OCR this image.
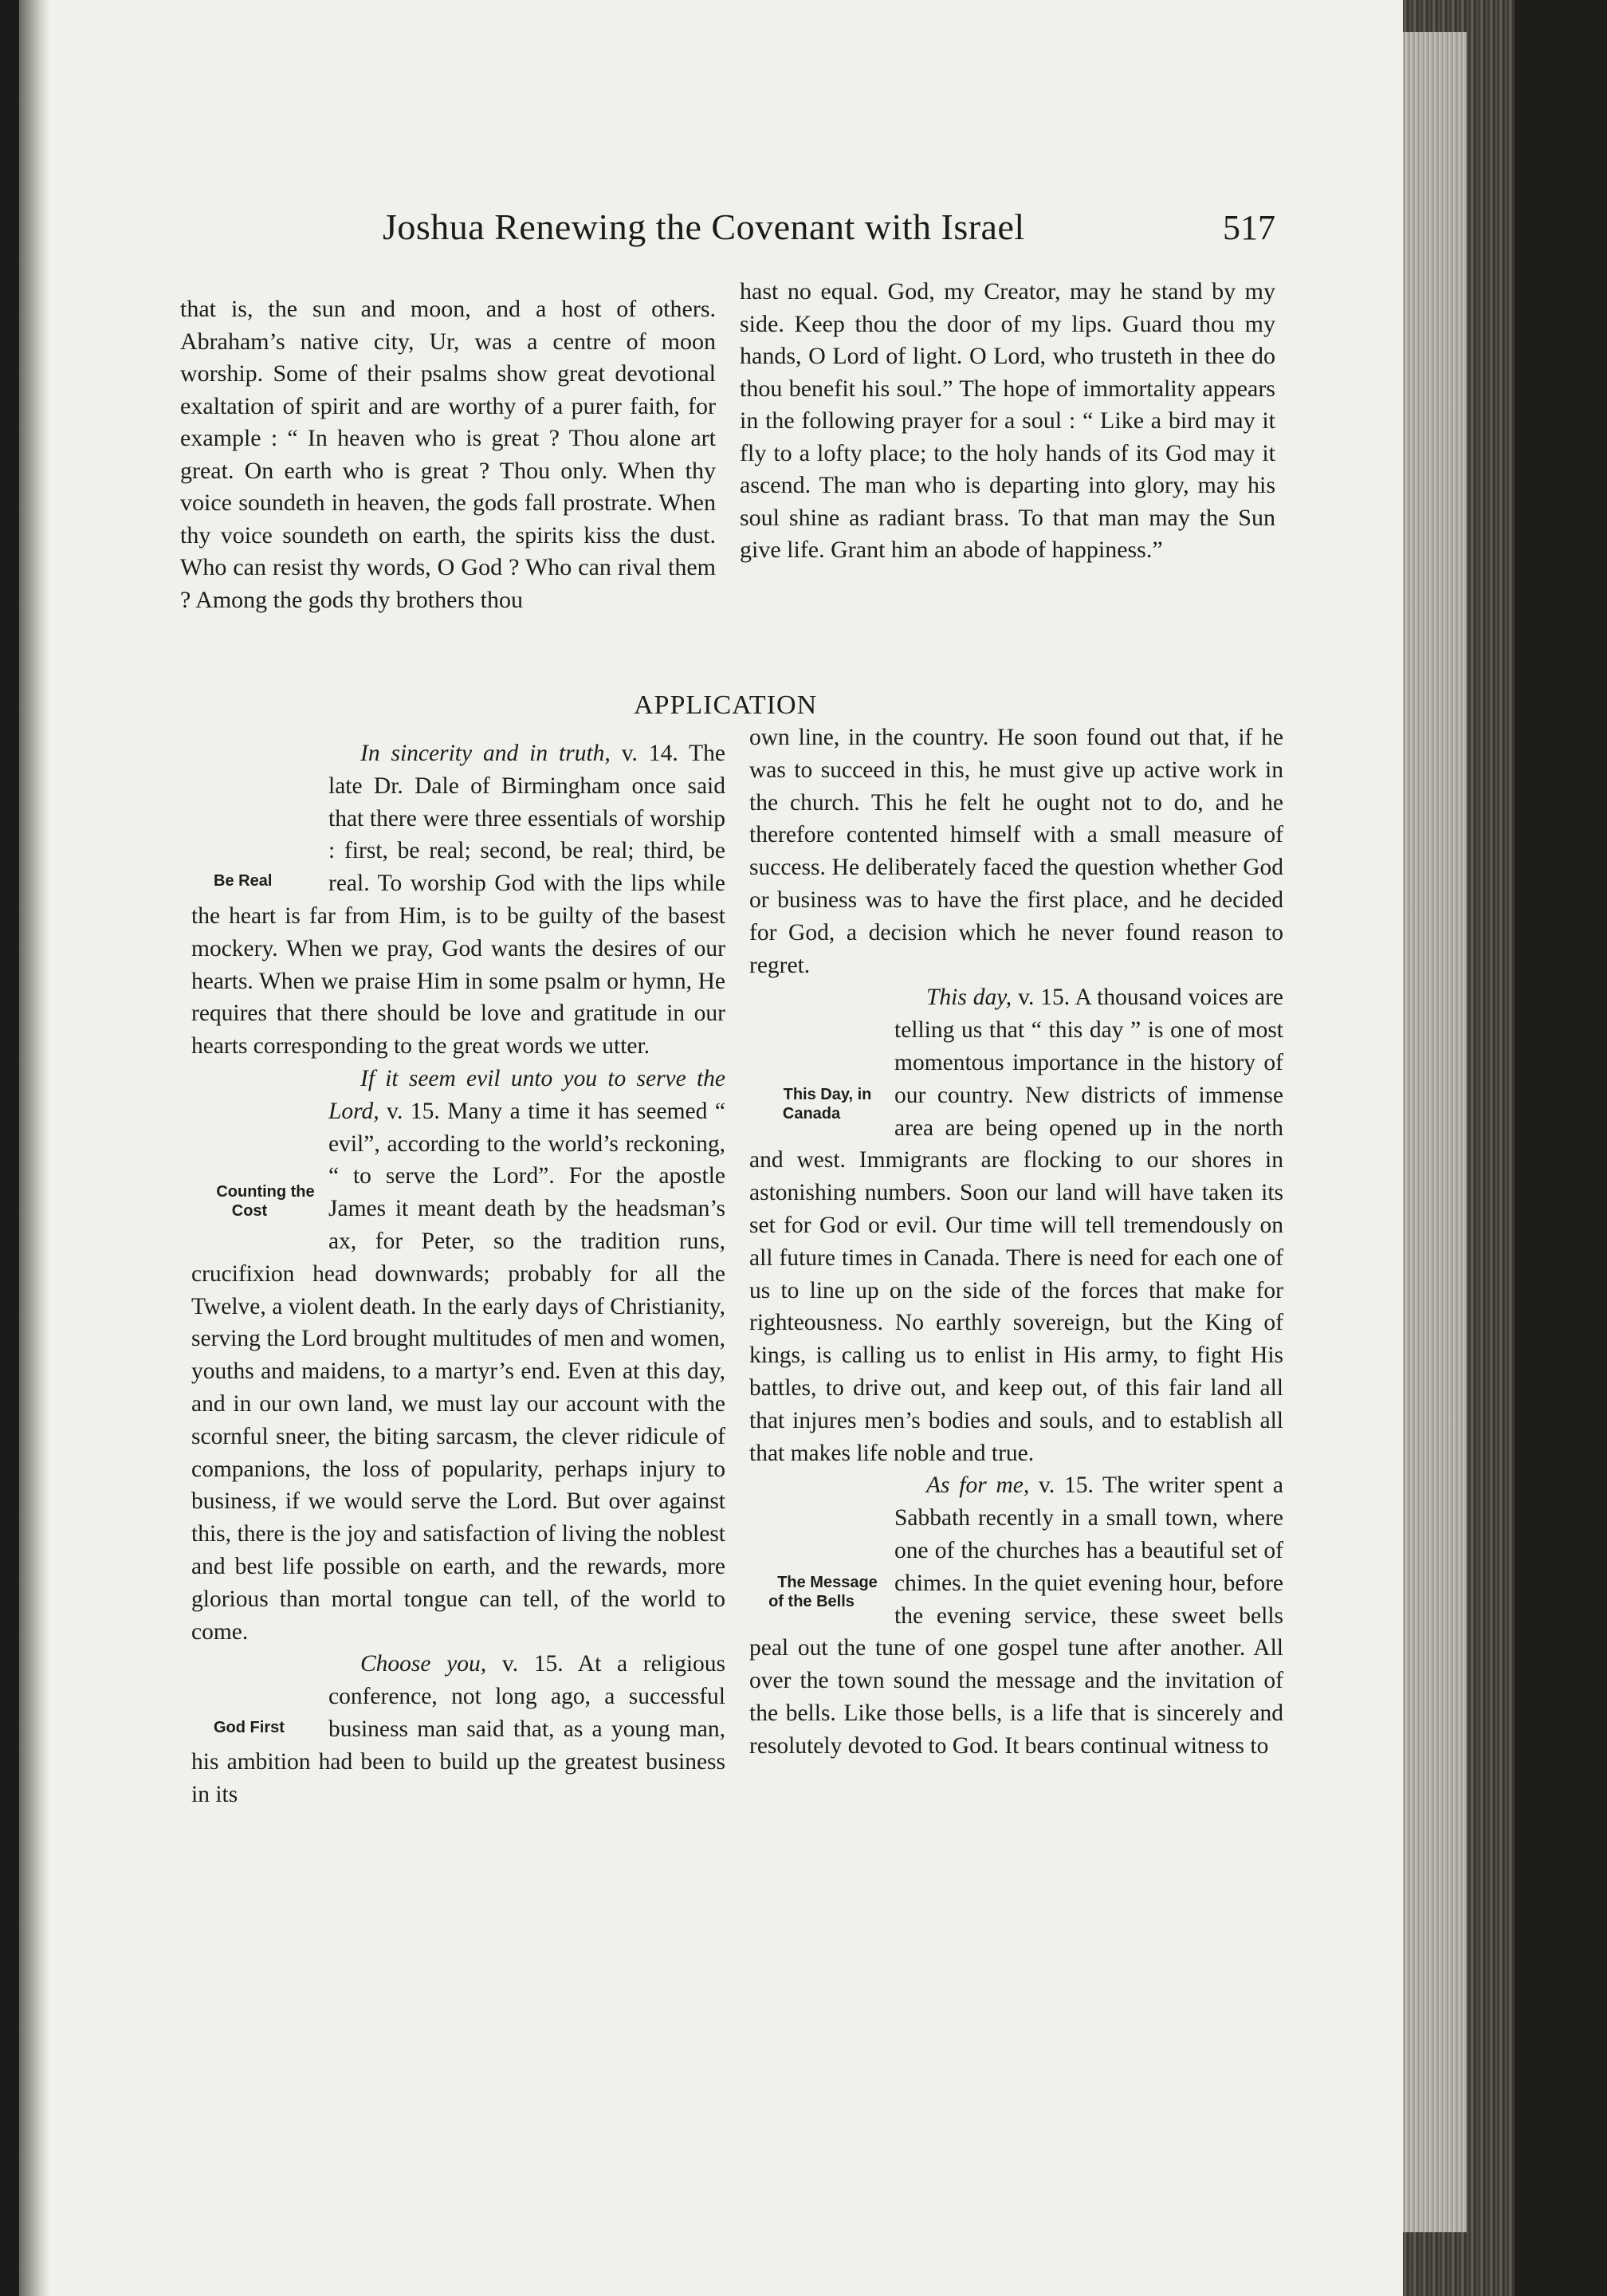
Joshua Renewing the Covenant with Israel	517

that is, the sun and moon, and a host of others. Abraham’s native city, Ur, was a centre of moon worship. Some of their psalms show great devotional exaltation of spirit and are worthy of a purer faith, for example : “ In heaven who is great ? Thou alone art great. On earth who is great ? Thou only. When thy voice soundeth in heaven, the gods fall prostrate. When thy voice soundeth on earth, the spirits kiss the dust. Who can resist thy words, O God ? Who can rival them ? Among the gods thy brothers thou

hast no equal. God, my Creator, may he stand by my side. Keep thou the door of my lips. Guard thou my hands, O Lord of light. O Lord, who trusteth in thee do thou benefit his soul.” The hope of immortality appears in the following prayer for a soul : “ Like a bird may it fly to a lofty place; to the holy hands of its God may it ascend. The man who is departing into glory, may his soul shine as radiant brass. To that man may the Sun give life. Grant him an abode of happiness.”

APPLICATION

Be Real
In sincerity and in truth, v. 14. The late Dr. Dale of Birmingham once said that there were three essentials of worship : first, be real; second, be real; third, be real. To worship God with the lips while the heart is far from Him, is to be guilty of the basest mockery. When we pray, God wants the desires of our hearts. When we praise Him in some psalm or hymn, He requires that there should be love and gratitude in our hearts corresponding to the great words we utter.

Counting the Cost
If it seem evil unto you to serve the Lord, v. 15. Many a time it has seemed “ evil”, according to the world’s reckoning, “ to serve the Lord”. For the apostle James it meant death by the headsman’s ax, for Peter, so the tradition runs, crucifixion head downwards; probably for all the Twelve, a violent death. In the early days of Christianity, serving the Lord brought multitudes of men and women, youths and maidens, to a martyr’s end. Even at this day, and in our own land, we must lay our account with the scornful sneer, the biting sarcasm, the clever ridicule of companions, the loss of popularity, perhaps injury to business, if we would serve the Lord. But over against this, there is the joy and satisfaction of living the noblest and best life possible on earth, and the rewards, more glorious than mortal tongue can tell, of the world to come.

God First
Choose you, v. 15. At a religious conference, not long ago, a successful business man said that, as a young man, his ambition had been to build up the greatest business in its

own line, in the country. He soon found out that, if he was to succeed in this, he must give up active work in the church. This he felt he ought not to do, and he therefore contented himself with a small measure of success. He deliberately faced the question whether God or business was to have the first place, and he decided for God, a decision which he never found reason to regret.

This Day, in Canada
This day, v. 15. A thousand voices are telling us that “ this day ” is one of most momentous importance in the history of our country. New districts of immense area are being opened up in the north and west. Immigrants are flocking to our shores in astonishing numbers. Soon our land will have taken its set for God or evil. Our time will tell tremendously on all future times in Canada. There is need for each one of us to line up on the side of the forces that make for righteousness. No earthly sovereign, but the King of kings, is calling us to enlist in His army, to fight His battles, to drive out, and keep out, of this fair land all that injures men’s bodies and souls, and to establish all that makes life noble and true.

The Message of the Bells
As for me, v. 15. The writer spent a Sabbath recently in a small town, where one of the churches has a beautiful set of chimes. In the quiet evening hour, before the evening service, these sweet bells peal out the tune of one gospel tune after another. All over the town sound the message and the invitation of the bells. Like those bells, is a life that is sincerely and resolutely devoted to God. It bears continual witness to
